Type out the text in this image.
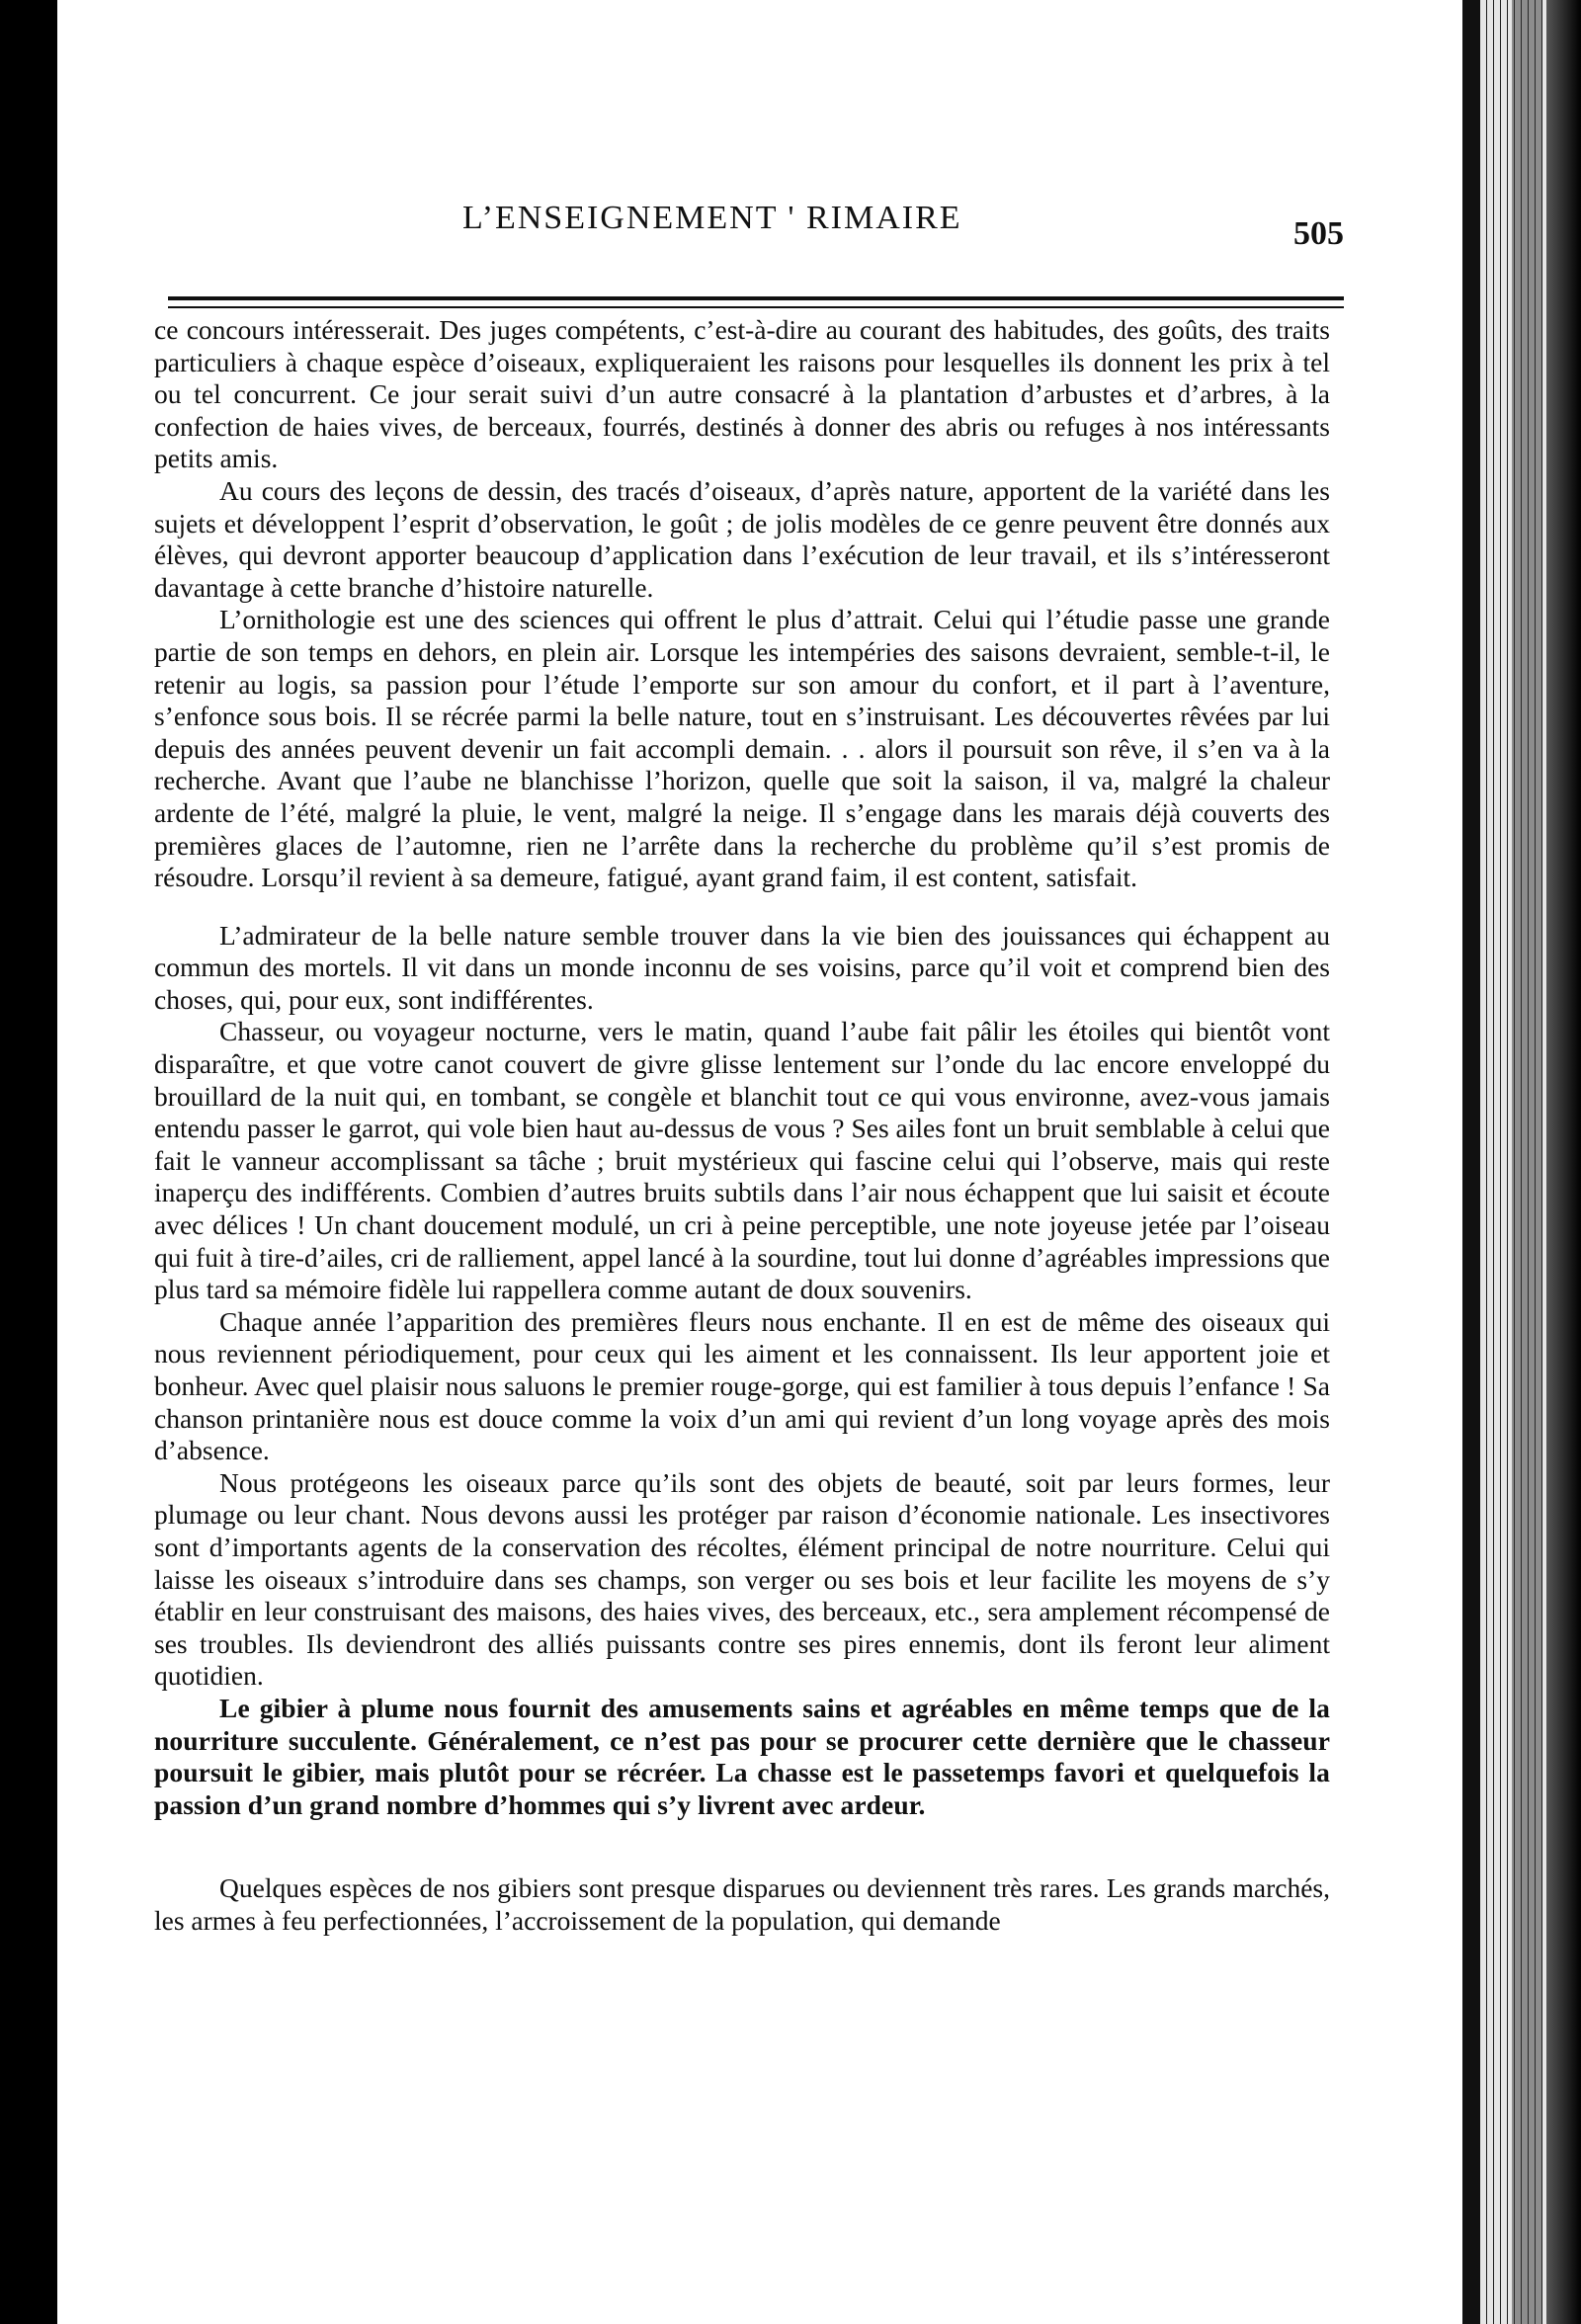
L’ENSEIGNEMENT ' RIMAIRE	505

ce concours intéresserait. Des juges compétents, c’est-à-dire au courant des habitudes, des goûts, des traits particuliers à chaque espèce d’oiseaux, expliqueraient les raisons pour lesquelles ils donnent les prix à tel ou tel concurrent. Ce jour serait suivi d’un autre consacré à la plantation d’arbustes et d’arbres, à la confection de haies vives, de berceaux, fourrés, destinés à donner des abris ou refuges à nos intéressants petits amis.

Au cours des leçons de dessin, des tracés d’oiseaux, d’après nature, apportent de la variété dans les sujets et développent l’esprit d’observation, le goût ; de jolis modèles de ce genre peuvent être donnés aux élèves, qui devront apporter beaucoup d’application dans l’exécution de leur travail, et ils s’intéresseront davantage à cette branche d’histoire naturelle.

L’ornithologie est une des sciences qui offrent le plus d’attrait. Celui qui l’étudie passe une grande partie de son temps en dehors, en plein air. Lorsque les intempéries des saisons devraient, semble-t-il, le retenir au logis, sa passion pour l’étude l’emporte sur son amour du confort, et il part à l’aventure, s’enfonce sous bois. Il se récrée parmi la belle nature, tout en s’instruisant. Les découvertes rêvées par lui depuis des années peuvent devenir un fait accompli demain. . . alors il poursuit son rêve, il s’en va à la recherche. Avant que l’aube ne blanchisse l’horizon, quelle que soit la saison, il va, malgré la chaleur ardente de l’été, malgré la pluie, le vent, malgré la neige. Il s’engage dans les marais déjà couverts des premières glaces de l’automne, rien ne l’arrête dans la recherche du problème qu’il s’est promis de résoudre. Lorsqu’il revient à sa demeure, fatigué, ayant grand faim, il est content, satisfait.

L’admirateur de la belle nature semble trouver dans la vie bien des jouissances qui échappent au commun des mortels. Il vit dans un monde inconnu de ses voisins, parce qu’il voit et comprend bien des choses, qui, pour eux, sont indifférentes.

Chasseur, ou voyageur nocturne, vers le matin, quand l’aube fait pâlir les étoiles qui bientôt vont disparaître, et que votre canot couvert de givre glisse lentement sur l’onde du lac encore enveloppé du brouillard de la nuit qui, en tombant, se congèle et blanchit tout ce qui vous environne, avez-vous jamais entendu passer le garrot, qui vole bien haut au-dessus de vous ? Ses ailes font un bruit semblable à celui que fait le vanneur accomplissant sa tâche ; bruit mystérieux qui fascine celui qui l’observe, mais qui reste inaperçu des indifférents. Combien d’autres bruits subtils dans l’air nous échappent que lui saisit et écoute avec délices ! Un chant doucement modulé, un cri à peine perceptible, une note joyeuse jetée par l’oiseau qui fuit à tire-d’ailes, cri de ralliement, appel lancé à la sourdine, tout lui donne d’agréables impressions que plus tard sa mémoire fidèle lui rappellera comme autant de doux souvenirs.

Chaque année l’apparition des premières fleurs nous enchante. Il en est de même des oiseaux qui nous reviennent périodiquement, pour ceux qui les aiment et les connaissent. Ils leur apportent joie et bonheur. Avec quel plaisir nous saluons le premier rouge-gorge, qui est familier à tous depuis l’enfance ! Sa chanson printanière nous est douce comme la voix d’un ami qui revient d’un long voyage après des mois d’absence.

Nous protégeons les oiseaux parce qu’ils sont des objets de beauté, soit par leurs formes, leur plumage ou leur chant. Nous devons aussi les protéger par raison d’économie nationale. Les insectivores sont d’importants agents de la conservation des récoltes, élément principal de notre nourriture. Celui qui laisse les oiseaux s’introduire dans ses champs, son verger ou ses bois et leur facilite les moyens de s’y établir en leur construisant des maisons, des haies vives, des berceaux, etc., sera amplement récompensé de ses troubles. Ils deviendront des alliés puissants contre ses pires ennemis, dont ils feront leur aliment quotidien.

Le gibier à plume nous fournit des amusements sains et agréables en même temps que de la nourriture succulente. Généralement, ce n’est pas pour se procurer cette dernière que le chasseur poursuit le gibier, mais plutôt pour se récréer. La chasse est le passetemps favori et quelquefois la passion d’un grand nombre d’hommes qui s’y livrent avec ardeur.

Quelques espèces de nos gibiers sont presque disparues ou deviennent très rares. Les grands marchés, les armes à feu perfectionnées, l’accroissement de la population, qui demande
